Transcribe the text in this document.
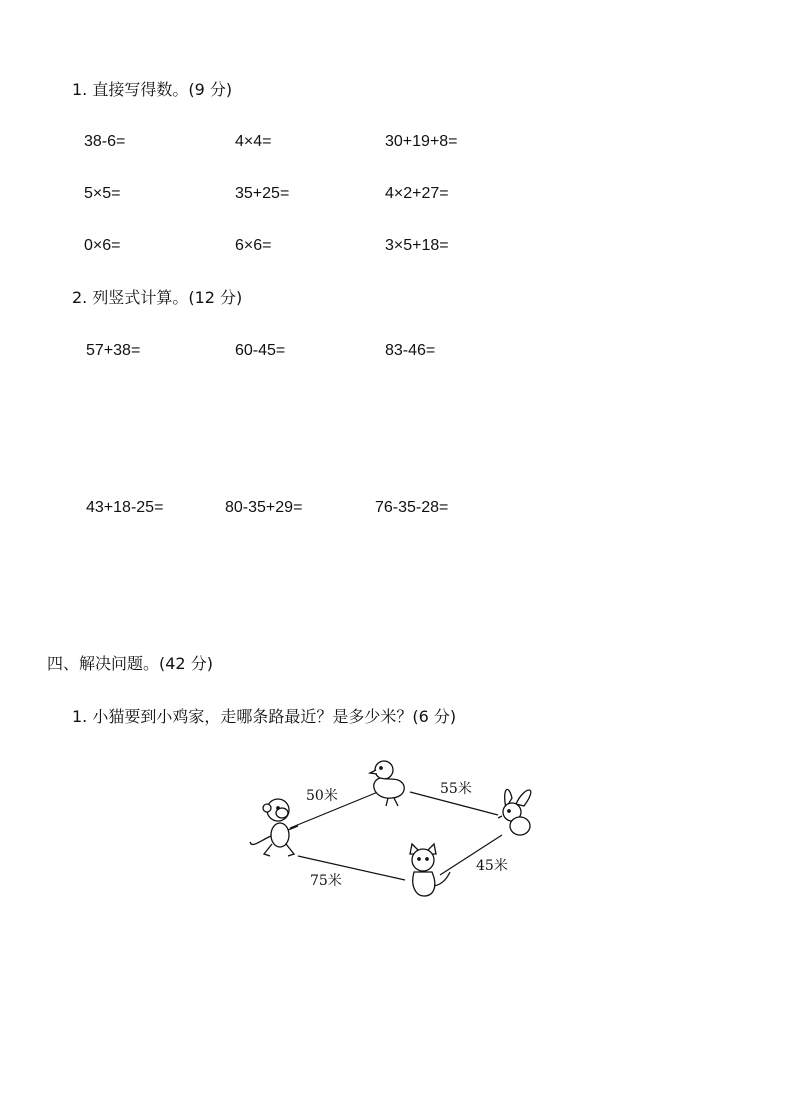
1. 直接写得数。(9 分)
38-6=	4×4=	30+19+8=
5×5=	35+25=	4×2+27=
0×6=	6×6=	3×5+18=
2. 列竖式计算。(12 分)
57+38=	60-45=	83-46=
43+18-25=	80-35+29=	76-35-28=
四、解决问题。(42 分)
1. 小猫要到小鸡家，走哪条路最近？是多少米？(6 分)
50米	55米
75米
45米
